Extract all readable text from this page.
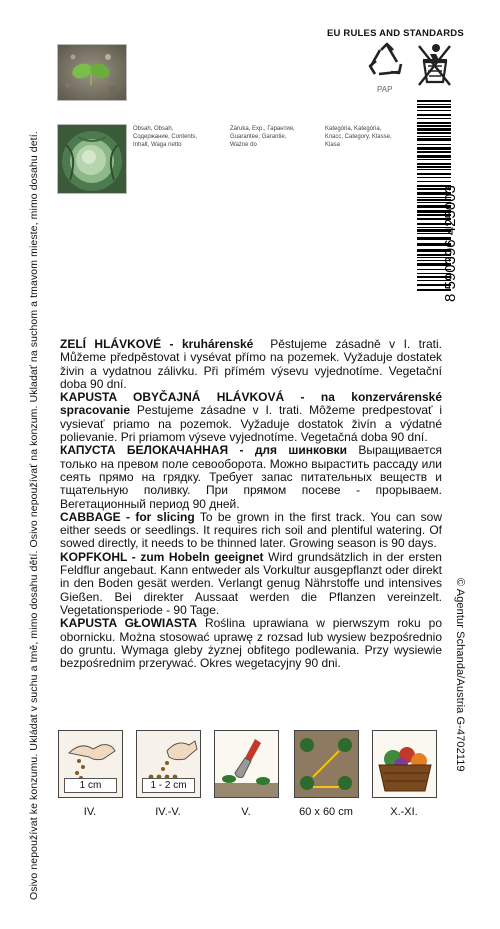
Osivo nepoužívat ke konzumu. Ukládat v suchu a tmě, mimo dosahu dětí. Osivo nepoužívať na konzum. Ukladať na suchom a tmavom mieste, mimo dosahu detí.	© Agentur Schanda/Austria G-4702119
EU RULES AND STANDARDS
PAP
Obsah, Obsah, Содержание, Contents, Inhalt, Waga netto
Záruka, Exp., Гарантия, Guarantee, Garantie, Ważne do
Kategória, Kategória, Класс, Category, Klasse, Klasa
8 590396 425003

ZELÍ HLÁVKOVÉ - kruhárenské Pěstujeme zásadně v I. trati. Můžeme předpěstovat i vysévat přímo na pozemek. Vyžaduje dostatek živin a vydatnou zálivku. Při přímém výsevu vyjednotíme. Vegetační doba 90 dní.

KAPUSTA OBYČAJNÁ HLÁVKOVÁ - na konzervárenské spracovanie Pestujeme zásadne v I. trati. Môžeme predpestovať i vysievať priamo na pozemok. Vyžaduje dostatok živín a výdatné polievanie. Pri priamom výseve vyjednotíme. Vegetačná doba 90 dní.

КАПУСТА БЕЛОКАЧАННАЯ - для шинковки Выращивается только на превом поле севооборота. Можно вырастить рассаду или сеять прямо на грядку. Требует запас питательных веществ и тщательную поливку. При прямом посеве - прорываем. Вегетационный период 90 дней.

CABBAGE - for slicing To be grown in the first track. You can sow either seeds or seedlings. It requires rich soil and plentiful watering. Of sowed directly, it needs to be thinned later. Growing season is 90 days.

KOPFKOHL - zum Hobeln geeignet Wird grundsätzlich in der ersten Feldflur angebaut. Kann entweder als Vorkultur ausgepflanzt oder direkt in den Boden gesät werden. Verlangt genug Nährstoffe und intensives Gießen. Bei direkter Aussaat werden die Pflanzen vereinzelt. Vegetationsperiode - 90 Tage.

KAPUSTA GŁOWIASTA Roślina uprawiana w pierwszym roku po obornicku. Można stosować uprawę z rozsad lub wysiew bezpośrednio do gruntu. Wymaga gleby żyznej obfitego podlewania. Przy wysiewie bezpośrednim przerywać. Okres wegetacyjny 90 dni.

1 cm
IV.
1 - 2 cm
IV.-V.	V.	60 x 60 cm	X.-XI.
